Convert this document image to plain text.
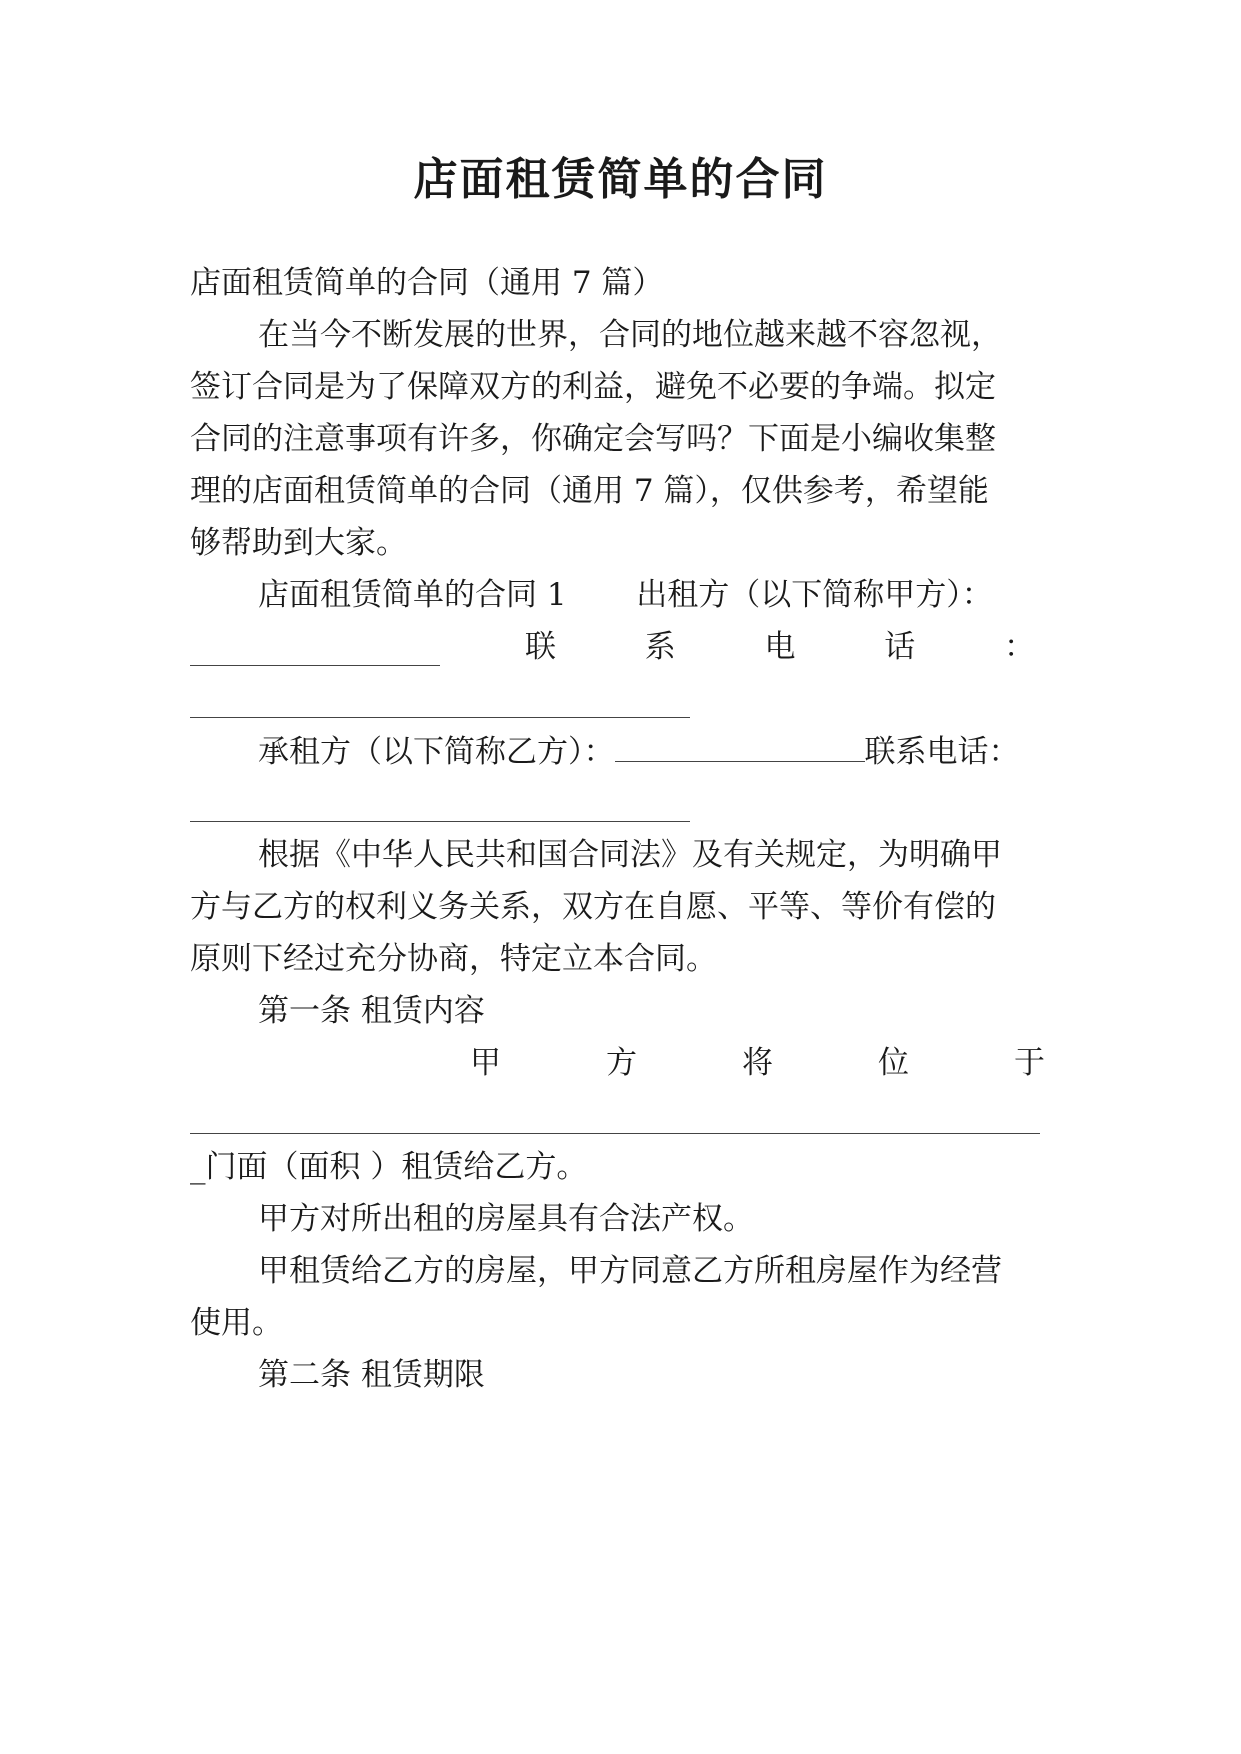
店面租赁简单的合同
店面租赁简单的合同（通用 7 篇）
在当今不断发展的世界，合同的地位越来越不容忽视，
签订合同是为了保障双方的利益，避免不必要的争端。拟定
合同的注意事项有许多，你确定会写吗？下面是小编收集整
理的店面租赁简单的合同（通用 7 篇），仅供参考，希望能
够帮助到大家。
店面租赁简单的合同 1 出租方（以下简称甲方）：
联	系	电	话	：
承租方（以下简称乙方）：	联系电话：
根据《中华人民共和国合同法》及有关规定，为明确甲
方与乙方的权利义务关系，双方在自愿、平等、等价有偿的
原则下经过充分协商，特定立本合同。
第一条 租赁内容
甲	方	将	位	于
_门面（面积 ）租赁给乙方。
甲方对所出租的房屋具有合法产权。
甲租赁给乙方的房屋，甲方同意乙方所租房屋作为经营
使用。
第二条 租赁期限
